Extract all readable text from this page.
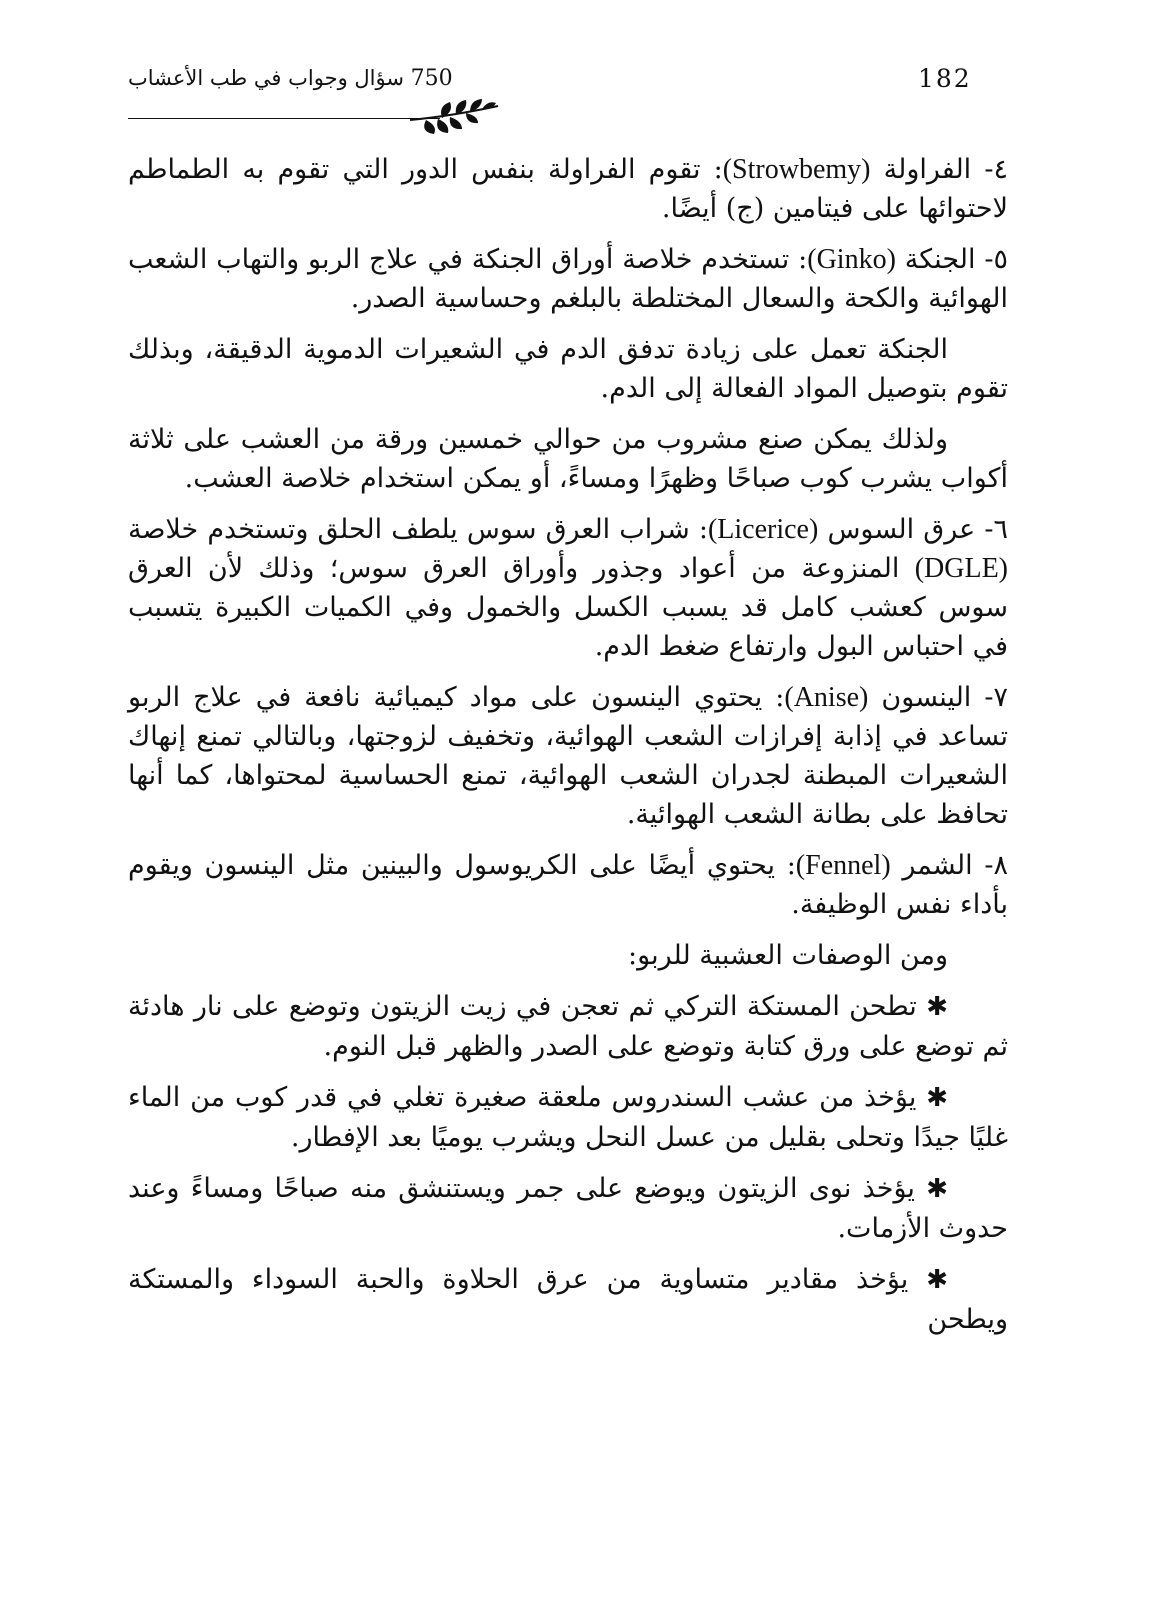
182
750 سؤال وجواب في طب الأعشاب

٤- الفراولة (Strowbemy): تقوم الفراولة بنفس الدور التي تقوم به الطماطم لاحتوائها على فيتامين (ج) أيضًا.

٥- الجنكة (Ginko): تستخدم خلاصة أوراق الجنكة في علاج الربو والتهاب الشعب الهوائية والكحة والسعال المختلطة بالبلغم وحساسية الصدر.

الجنكة تعمل على زيادة تدفق الدم في الشعيرات الدموية الدقيقة، وبذلك تقوم بتوصيل المواد الفعالة إلى الدم.

ولذلك يمكن صنع مشروب من حوالي خمسين ورقة من العشب على ثلاثة أكواب يشرب كوب صباحًا وظهرًا ومساءً، أو يمكن استخدام خلاصة العشب.

٦- عرق السوس (Licerice): شراب العرق سوس يلطف الحلق وتستخدم خلاصة (DGLE) المنزوعة من أعواد وجذور وأوراق العرق سوس؛ وذلك لأن العرق سوس كعشب كامل قد يسبب الكسل والخمول وفي الكميات الكبيرة يتسبب في احتباس البول وارتفاع ضغط الدم.

٧- الينسون (Anise): يحتوي الينسون على مواد كيميائية نافعة في علاج الربو تساعد في إذابة إفرازات الشعب الهوائية، وتخفيف لزوجتها، وبالتالي تمنع إنهاك الشعيرات المبطنة لجدران الشعب الهوائية، تمنع الحساسية لمحتواها، كما أنها تحافظ على بطانة الشعب الهوائية.

٨- الشمر (Fennel): يحتوي أيضًا على الكريوسول والبينين مثل الينسون ويقوم بأداء نفس الوظيفة.

ومن الوصفات العشبية للربو:

✱ تطحن المستكة التركي ثم تعجن في زيت الزيتون وتوضع على نار هادئة ثم توضع على ورق كتابة وتوضع على الصدر والظهر قبل النوم.

✱ يؤخذ من عشب السندروس ملعقة صغيرة تغلي في قدر كوب من الماء غليًا جيدًا وتحلى بقليل من عسل النحل ويشرب يوميًا بعد الإفطار.

✱ يؤخذ نوى الزيتون ويوضع على جمر ويستنشق منه صباحًا ومساءً وعند حدوث الأزمات.

✱ يؤخذ مقادير متساوية من عرق الحلاوة والحبة السوداء والمستكة ويطحن
